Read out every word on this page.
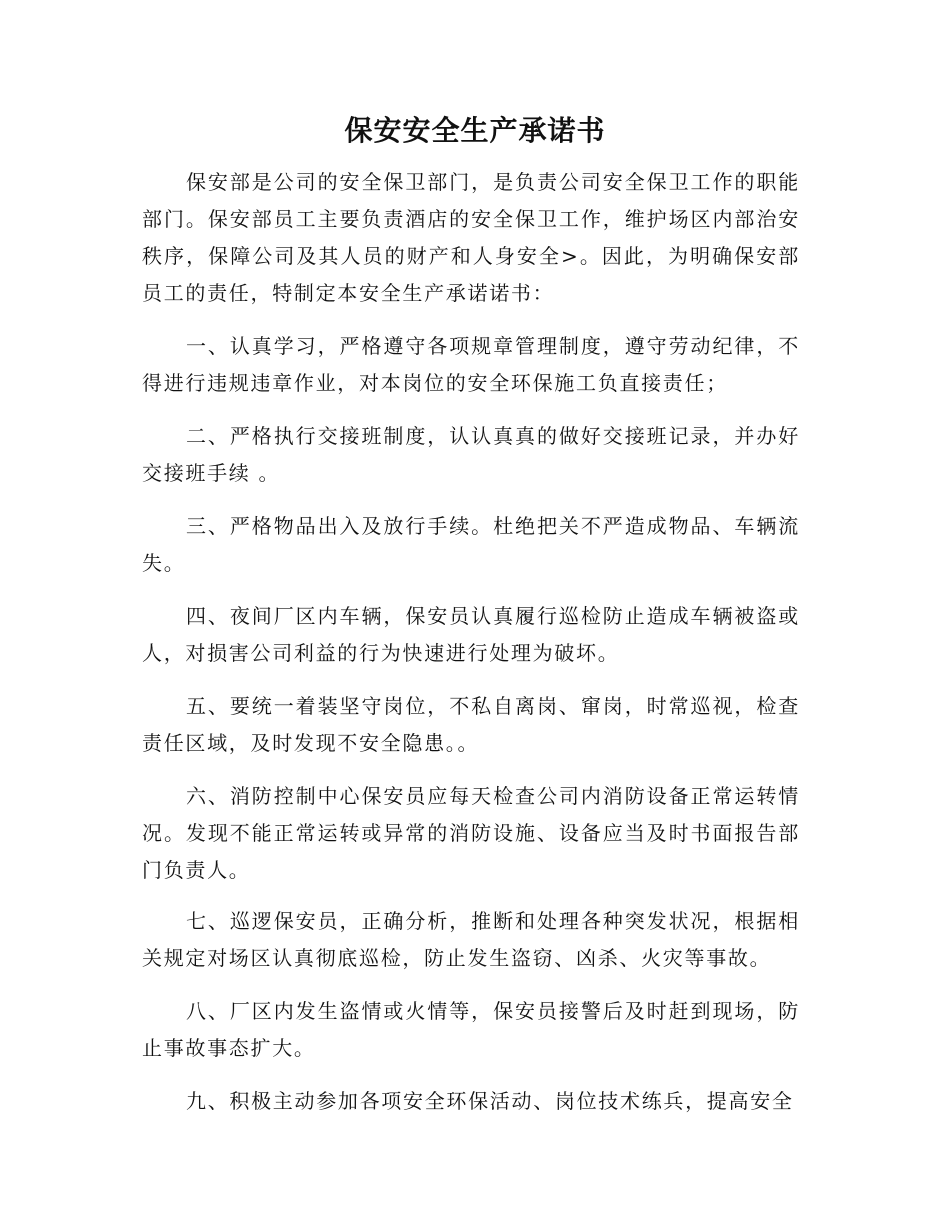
保安安全生产承诺书

保安部是公司的安全保卫部门，是负责公司安全保卫工作的职能部门。保安部员工主要负责酒店的安全保卫工作，维护场区内部治安秩序，保障公司及其人员的财产和人身安全>。因此，为明确保安部员工的责任，特制定本安全生产承诺诺书：

一、认真学习，严格遵守各项规章管理制度，遵守劳动纪律，不得进行违规违章作业，对本岗位的安全环保施工负直接责任；

二、严格执行交接班制度，认认真真的做好交接班记录，并办好交接班手续 。

三、严格物品出入及放行手续。杜绝把关不严造成物品、车辆流失。

四、夜间厂区内车辆，保安员认真履行巡检防止造成车辆被盗或人，对损害公司利益的行为快速进行处理为破坏。

五、要统一着装坚守岗位，不私自离岗、窜岗，时常巡视，检查责任区域，及时发现不安全隐患。。

六、消防控制中心保安员应每天检查公司内消防设备正常运转情况。发现不能正常运转或异常的消防设施、设备应当及时书面报告部门负责人。

七、巡逻保安员，正确分析，推断和处理各种突发状况，根据相关规定对场区认真彻底巡检，防止发生盗窃、凶杀、火灾等事故。

八、厂区内发生盗情或火情等，保安员接警后及时赶到现场，防止事故事态扩大。

九、积极主动参加各项安全环保活动、岗位技术练兵，提高安全
